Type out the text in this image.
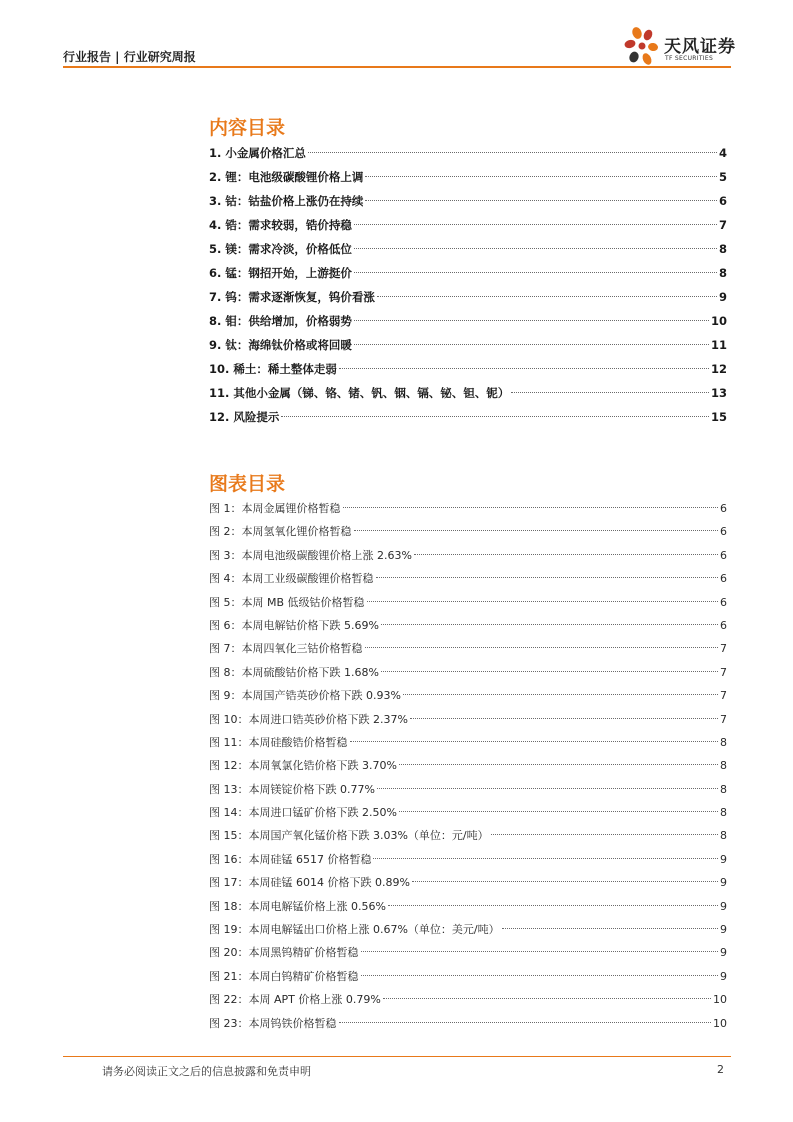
行业报告 | 行业研究周报	天风证券
TF SECURITIES
内容目录
1. 小金属价格汇总	4
2. 锂：电池级碳酸锂价格上调	5
3. 钴：钴盐价格上涨仍在持续	6
4. 锆：需求较弱，锆价持稳	7
5. 镁：需求冷淡，价格低位	8
6. 锰：钢招开始，上游挺价	8
7. 钨：需求逐渐恢复，钨价看涨	9
8. 钼：供给增加，价格弱势	10
9. 钛：海绵钛价格或将回暖	11
10. 稀土：稀土整体走弱	12
11. 其他小金属（锑、铬、锗、钒、铟、镉、铋、钽、铌）	13
12. 风险提示	15
图表目录
图 1：本周金属锂价格暂稳	6
图 2：本周氢氧化锂价格暂稳	6
图 3：本周电池级碳酸锂价格上涨 2.63%	6
图 4：本周工业级碳酸锂价格暂稳	6
图 5：本周 MB 低级钴价格暂稳	6
图 6：本周电解钴价格下跌 5.69%	6
图 7：本周四氧化三钴价格暂稳	7
图 8：本周硫酸钴价格下跌 1.68%	7
图 9：本周国产锆英砂价格下跌 0.93%	7
图 10：本周进口锆英砂价格下跌 2.37%	7
图 11：本周硅酸锆价格暂稳	8
图 12：本周氧氯化锆价格下跌 3.70%	8
图 13：本周镁锭价格下跌 0.77%	8
图 14：本周进口锰矿价格下跌 2.50%	8
图 15：本周国产氧化锰价格下跌 3.03%（单位：元/吨）	8
图 16：本周硅锰 6517 价格暂稳	9
图 17：本周硅锰 6014 价格下跌 0.89%	9
图 18：本周电解锰价格上涨 0.56%	9
图 19：本周电解锰出口价格上涨 0.67%（单位：美元/吨）	9
图 20：本周黑钨精矿价格暂稳	9
图 21：本周白钨精矿价格暂稳	9
图 22：本周 APT 价格上涨 0.79%	10
图 23：本周钨铁价格暂稳	10
请务必阅读正文之后的信息披露和免责申明	2
